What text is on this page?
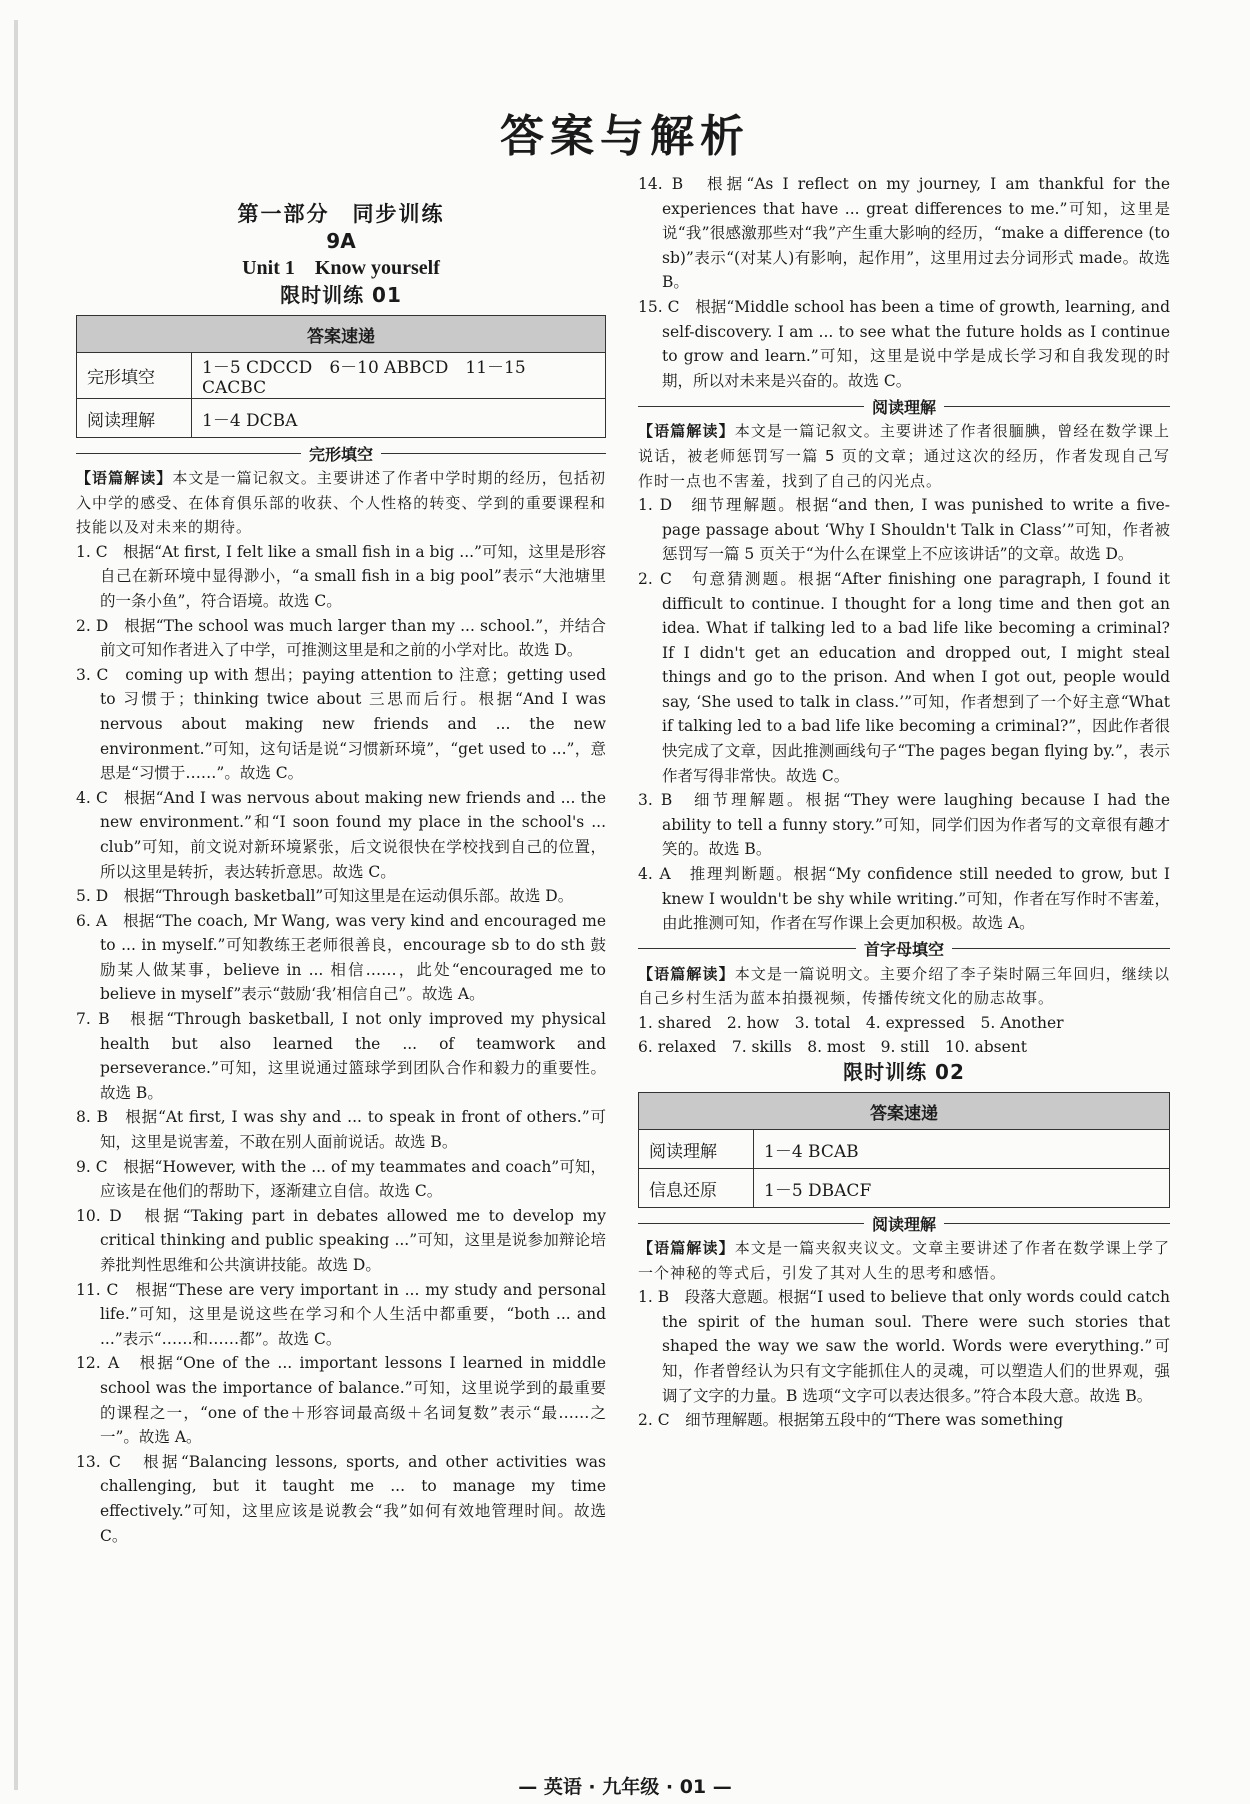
答案与解析
第一部分　同步训练
9A
Unit 1　Know yourself
限时训练 01
答案速递	
完形填空	1－5 CDCCD　6－10 ABBCD　11－15 CACBC
阅读理解	1－4 DCBA
完形填空

【语篇解读】本文是一篇记叙文。主要讲述了作者中学时期的经历，包括初入中学的感受、在体育俱乐部的收获、个人性格的转变、学到的重要课程和技能以及对未来的期待。

1. C　根据“At first, I felt like a small fish in a big ...”可知，这里是形容自己在新环境中显得渺小，“a small fish in a big pool”表示“大池塘里的一条小鱼”，符合语境。故选 C。

2. D　根据“The school was much larger than my ... school.”，并结合前文可知作者进入了中学，可推测这里是和之前的小学对比。故选 D。

3. C　coming up with 想出；paying attention to 注意；getting used to 习惯于；thinking twice about 三思而后行。根据“And I was nervous about making new friends and ... the new environment.”可知，这句话是说“习惯新环境”，“get used to ...”，意思是“习惯于……”。故选 C。

4. C　根据“And I was nervous about making new friends and ... the new environment.”和“I soon found my place in the school's ... club”可知，前文说对新环境紧张，后文说很快在学校找到自己的位置，所以这里是转折，表达转折意思。故选 C。

5. D　根据“Through basketball”可知这里是在运动俱乐部。故选 D。

6. A　根据“The coach, Mr Wang, was very kind and encouraged me to ... in myself.”可知教练王老师很善良，encourage sb to do sth 鼓励某人做某事，believe in ... 相信……，此处“encouraged me to believe in myself”表示“鼓励‘我’相信自己”。故选 A。

7. B　根据“Through basketball, I not only improved my physical health but also learned the ... of teamwork and perseverance.”可知，这里说通过篮球学到团队合作和毅力的重要性。故选 B。

8. B　根据“At first, I was shy and ... to speak in front of others.”可知，这里是说害羞，不敢在别人面前说话。故选 B。

9. C　根据“However, with the ... of my teammates and coach”可知，应该是在他们的帮助下，逐渐建立自信。故选 C。

10. D　根据“Taking part in debates allowed me to develop my critical thinking and public speaking ...”可知，这里是说参加辩论培养批判性思维和公共演讲技能。故选 D。

11. C　根据“These are very important in ... my study and personal life.”可知，这里是说这些在学习和个人生活中都重要，“both ... and ...”表示“……和……都”。故选 C。

12. A　根据“One of the ... important lessons I learned in middle school was the importance of balance.”可知，这里说学到的最重要的课程之一，“one of the＋形容词最高级＋名词复数”表示“最……之一”。故选 A。

13. C　根据“Balancing lessons, sports, and other activities was challenging, but it taught me ... to manage my time effectively.”可知，这里应该是说教会“我”如何有效地管理时间。故选 C。

14. B　根据“As I reflect on my journey, I am thankful for the experiences that have ... great differences to me.”可知，这里是说“我”很感激那些对“我”产生重大影响的经历，“make a difference (to sb)”表示“(对某人)有影响，起作用”，这里用过去分词形式 made。故选 B。

15. C　根据“Middle school has been a time of growth, learning, and self-discovery. I am ... to see what the future holds as I continue to grow and learn.”可知，这里是说中学是成长学习和自我发现的时期，所以对未来是兴奋的。故选 C。

阅读理解

【语篇解读】本文是一篇记叙文。主要讲述了作者很腼腆，曾经在数学课上说话，被老师惩罚写一篇 5 页的文章；通过这次的经历，作者发现自己写作时一点也不害羞，找到了自己的闪光点。

1. D　细节理解题。根据“and then, I was punished to write a five-page passage about ‘Why I Shouldn't Talk in Class’”可知，作者被惩罚写一篇 5 页关于“为什么在课堂上不应该讲话”的文章。故选 D。

2. C　句意猜测题。根据“After finishing one paragraph, I found it difficult to continue. I thought for a long time and then got an idea. What if talking led to a bad life like becoming a criminal? If I didn't get an education and dropped out, I might steal things and go to the prison. And when I got out, people would say, ‘She used to talk in class.’”可知，作者想到了一个好主意“What if talking led to a bad life like becoming a criminal?”，因此作者很快完成了文章，因此推测画线句子“The pages began flying by.”，表示作者写得非常快。故选 C。

3. B　细节理解题。根据“They were laughing because I had the ability to tell a funny story.”可知，同学们因为作者写的文章很有趣才笑的。故选 B。

4. A　推理判断题。根据“My confidence still needed to grow, but I knew I wouldn't be shy while writing.”可知，作者在写作时不害羞，由此推测可知，作者在写作课上会更加积极。故选 A。

首字母填空

【语篇解读】本文是一篇说明文。主要介绍了李子柒时隔三年回归，继续以自己乡村生活为蓝本拍摄视频，传播传统文化的励志故事。

1. shared　2. how　3. total　4. expressed　5. Another

6. relaxed　7. skills　8. most　9. still　10. absent

限时训练 02
答案速递	
阅读理解	1－4 BCAB
信息还原	1－5 DBACF
阅读理解

【语篇解读】本文是一篇夹叙夹议文。文章主要讲述了作者在数学课上学了一个神秘的等式后，引发了其对人生的思考和感悟。

1. B　段落大意题。根据“I used to believe that only words could catch the spirit of the human soul. There were such stories that shaped the way we saw the world. Words were everything.”可知，作者曾经认为只有文字能抓住人的灵魂，可以塑造人们的世界观，强调了文字的力量。B 选项“文字可以表达很多。”符合本段大意。故选 B。

2. C　细节理解题。根据第五段中的“There was something

— 英语 · 九年级 · 01 —
